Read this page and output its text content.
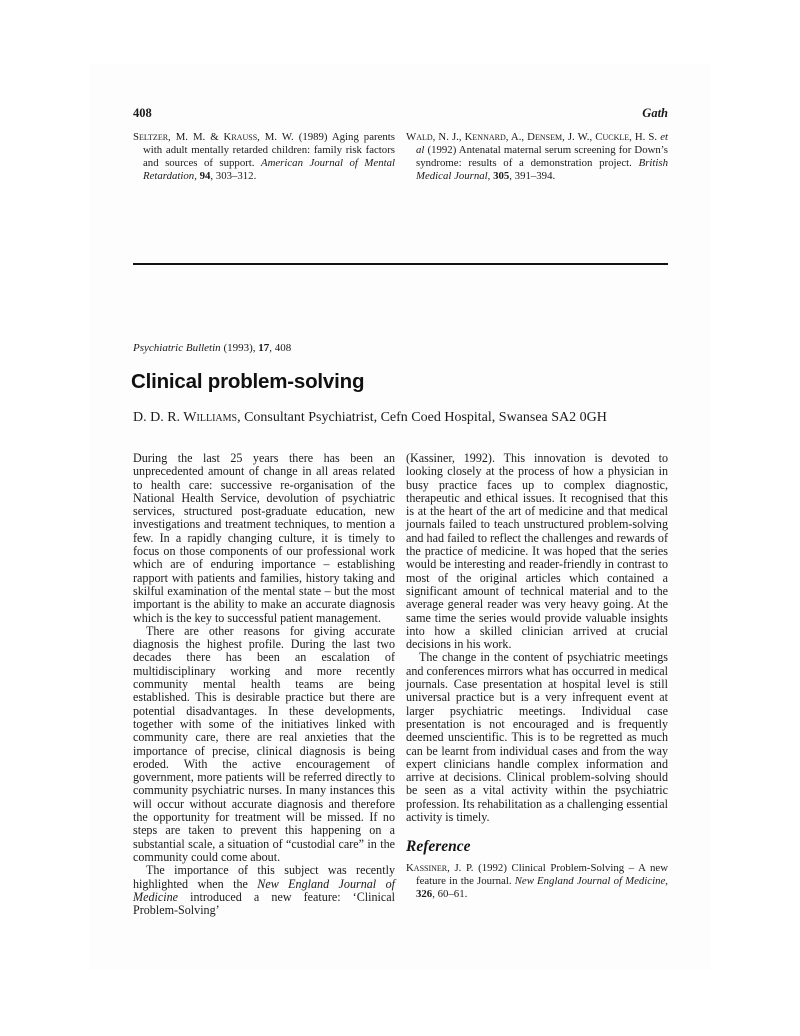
408	Gath

Seltzer, M. M. & Krauss, M. W. (1989) Aging parents with adult mentally retarded children: family risk factors and sources of support. American Journal of Mental Retardation, 94, 303–312.

Wald, N. J., Kennard, A., Densem, J. W., Cuckle, H. S. et al (1992) Antenatal maternal serum screening for Down’s syndrome: results of a demonstration project. British Medical Journal, 305, 391–394.

Psychiatric Bulletin (1993), 17, 408

Clinical problem-solving

D. D. R. Williams, Consultant Psychiatrist, Cefn Coed Hospital, Swansea SA2 0GH

During the last 25 years there has been an unprecedented amount of change in all areas related to health care: successive re-organisation of the National Health Service, devolution of psychiatric services, structured post-graduate education, new investigations and treatment techniques, to mention a few. In a rapidly changing culture, it is timely to focus on those components of our professional work which are of enduring importance – establishing rapport with patients and families, history taking and skilful examination of the mental state – but the most important is the ability to make an accurate diagnosis which is the key to successful patient management.

There are other reasons for giving accurate diagnosis the highest profile. During the last two decades there has been an escalation of multidisciplinary working and more recently community mental health teams are being established. This is desirable practice but there are potential disadvantages. In these developments, together with some of the initiatives linked with community care, there are real anxieties that the importance of precise, clinical diagnosis is being eroded. With the active encouragement of government, more patients will be referred directly to community psychiatric nurses. In many instances this will occur without accurate diagnosis and therefore the opportunity for treatment will be missed. If no steps are taken to prevent this happening on a substantial scale, a situation of “custodial care” in the community could come about.

The importance of this subject was recently highlighted when the New England Journal of Medicine introduced a new feature: ‘Clinical Problem-Solving’

(Kassiner, 1992). This innovation is devoted to looking closely at the process of how a physician in busy practice faces up to complex diagnostic, therapeutic and ethical issues. It recognised that this is at the heart of the art of medicine and that medical journals failed to teach unstructured problem-solving and had failed to reflect the challenges and rewards of the practice of medicine. It was hoped that the series would be interesting and reader-friendly in contrast to most of the original articles which contained a significant amount of technical material and to the average general reader was very heavy going. At the same time the series would provide valuable insights into how a skilled clinician arrived at crucial decisions in his work.

The change in the content of psychiatric meetings and conferences mirrors what has occurred in medical journals. Case presentation at hospital level is still universal practice but is a very infrequent event at larger psychiatric meetings. Individual case presentation is not encouraged and is frequently deemed unscientific. This is to be regretted as much can be learnt from individual cases and from the way expert clinicians handle complex information and arrive at decisions. Clinical problem-solving should be seen as a vital activity within the psychiatric profession. Its rehabilitation as a challenging essential activity is timely.

Reference

Kassiner, J. P. (1992) Clinical Problem-Solving – A new feature in the Journal. New England Journal of Medicine, 326, 60–61.
